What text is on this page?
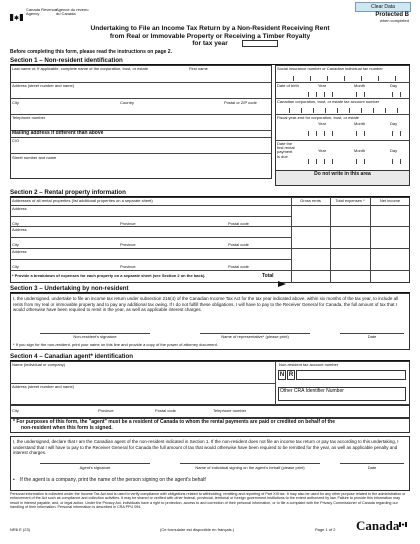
Canada Revenue
Agency
Agence du revenu
du Canada
Clear Data
Protected B
when completed
Undertaking to File an Income Tax Return by a Non-Resident Receiving Rent
from Real or Immovable Property or Receiving a Timber Royalty
for tax year
Before completing this form, please read the instructions on page 2.
Section 1 – Non-resident identification
Last name or, if applicable, complete name of the corporation, trust, or estate	First name
Address (street number and name)
City	Country	Postal or ZIP code
Telephone number
Mailing address if different than above
C/O
Street number and name
Social insurance number or Canadian individual tax number
Date of birth	Year	Month	Day
Canadian corporation, trust, or estate tax account number
Fiscal year-end for corporation, trust, or estate
Year	Month	Day
Date the
first rental
payment
is due
Year	Month	Day
Do not write in this area
Section 2 – Rental property information
Addresses of all rental properties (list additional properties on a separate sheet)	Gross rents	Total expenses *	Net income
Address
City	Province	Postal code
Address
City	Province	Postal code
Address
City	Province	Postal code
* Provide a breakdown of expenses for each property on a separate sheet (see Section 2 on the back).	Total
Section 3 – Undertaking by non-resident
I, the undersigned, undertake to file an income tax return under subsection 216(4) of the Canadian Income Tax Act for the tax year indicated above, within six months of the tax year, to include all rents from my real or immovable property and to pay any additional tax owing. If I do not fulfill these obligations, I will have to pay to the Receiver General for Canada, the full amount of tax that I would otherwise have been required to remit in the year, as well as applicable interest charges.
Non-resident's signature	Name of representative* (please print)	Date
* If you sign for the non-resident, print your name on this line and provide a copy of the power of attorney document.
Section 4 – Canadian agent* identification
Name (individual or company)	Non-resident tax account number
N R
Address (street number and name)
Other CRA Identifier Number
City	Province	Postal code	Telephone number
* For purposes of this form, the "agent" must be a resident of Canada to whom the rental payments are paid or credited on behalf of the
non-resident when this form is signed.
I, the undersigned, declare that I am the Canadian agent of the non-resident indicated in Section 1. If the non-resident does not file an income tax return or pay tax according to this undertaking, I understand that I will have to pay to the Receiver General for Canada the full amount of tax that would otherwise have been required to be remitted for the year, as well as applicable penalty and interest charges.
Agent's signature	Name of individual signing on the agent's behalf (please print)	Date
• If the agent is a company, print the name of the person signing on the agent's behalf
Personal information is collected under the Income Tax Act and is used to verify compliance with obligations related to withholding, remitting and reporting of Part XIII tax. It may also be used for any other purpose related to the administration or enforcement of the Act such as compliance and collection activities. It may be shared or verified with other federal, provincial, territorial or foreign government institutions to the extent authorized by law. Failure to provide this information may result in interest payable, and, or legal action. Under the Privacy Act, individuals have a right to protection, access to and correction of their personal information, or to file a complaint with the Privacy Commissioner of Canada regarding our handling of their information. Personal information is described in CRA PPU 094.
NR6 E (23)	(Ce formulaire est disponible en français.)	Page 1 of 2 Canada
